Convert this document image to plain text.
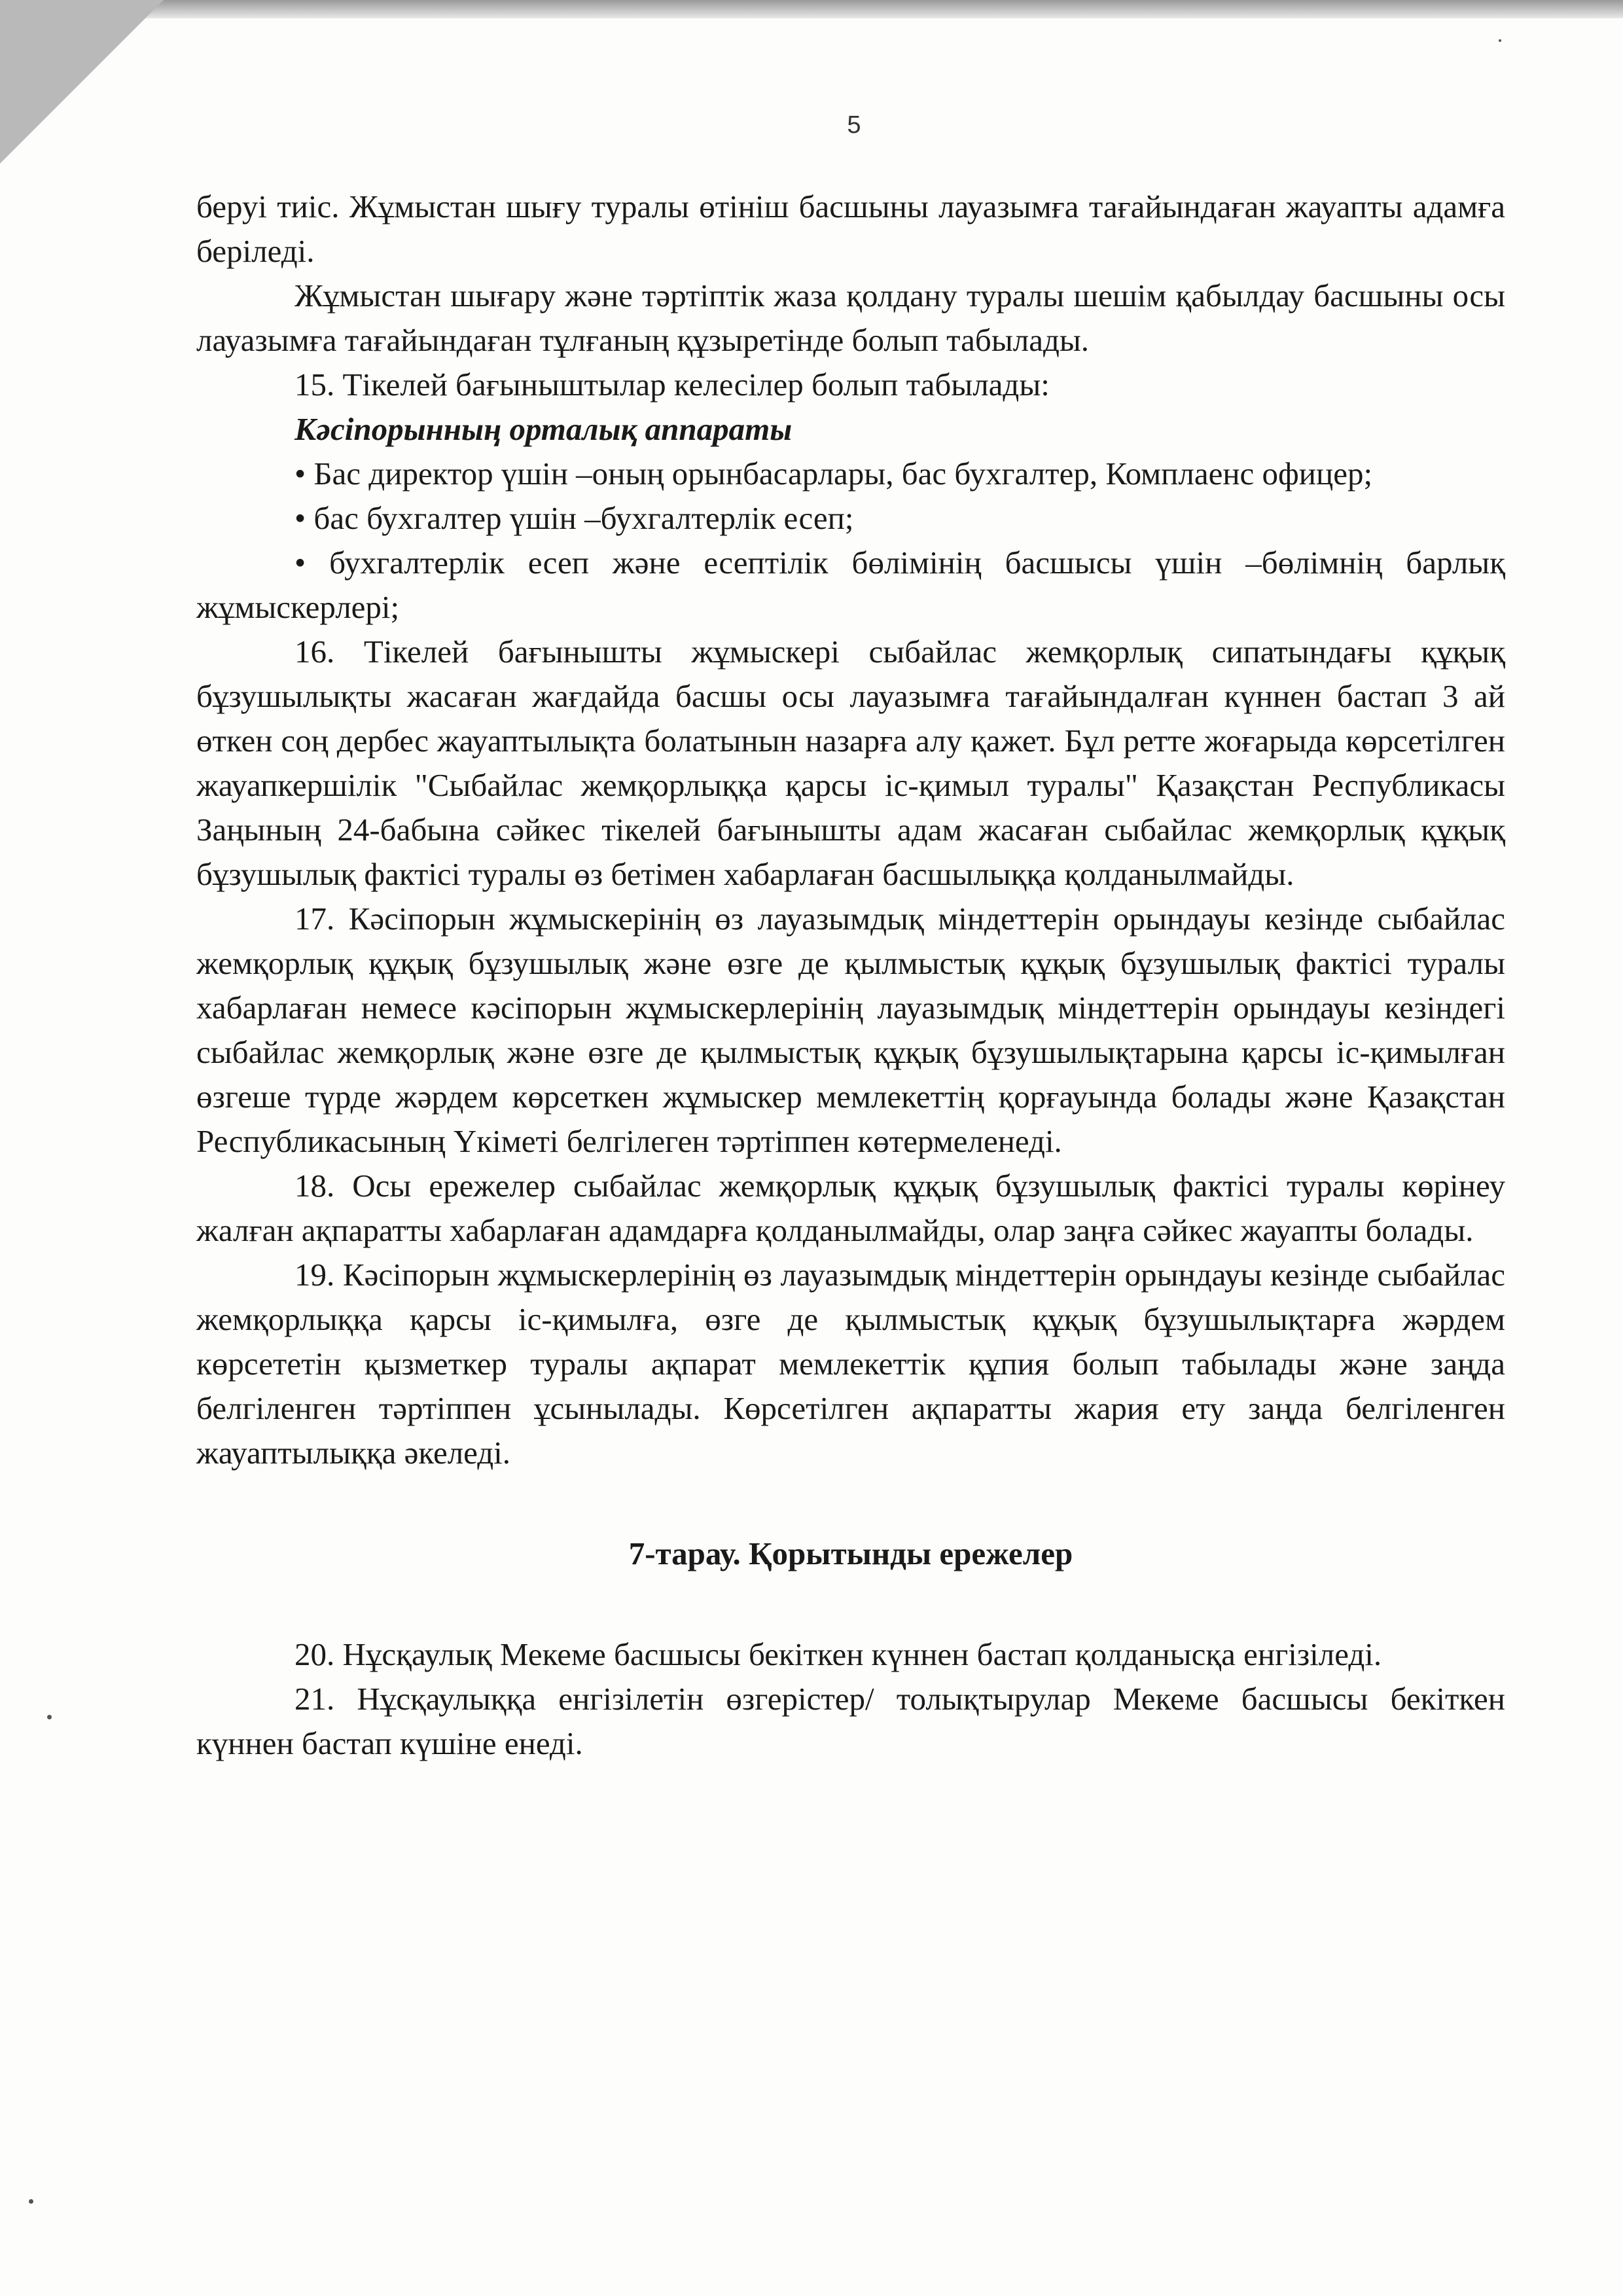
5

беруі тиіс. Жұмыстан шығу туралы өтініш басшыны лауазымға тағайындаған жауапты адамға беріледі.

Жұмыстан шығару және тәртіптік жаза қолдану туралы шешім қабылдау басшыны осы лауазымға тағайындаған тұлғаның құзыретінде болып табылады.

15. Тікелей бағыныштылар келесілер болып табылады:

Кәсіпорынның орталық аппараты

• Бас директор үшін –оның орынбасарлары, бас бухгалтер, Комплаенс офицер;

• бас бухгалтер үшін –бухгалтерлік есеп;

• бухгалтерлік есеп және есептілік бөлімінің басшысы үшін –бөлімнің барлық жұмыскерлері;

16. Тікелей бағынышты жұмыскері сыбайлас жемқорлық сипатындағы құқық бұзушылықты жасаған жағдайда басшы осы лауазымға тағайындалған күннен бастап 3 ай өткен соң дербес жауаптылықта болатынын назарға алу қажет. Бұл ретте жоғарыда көрсетілген жауапкершілік "Сыбайлас жемқорлыққа қарсы іс-қимыл туралы" Қазақстан Республикасы Заңының 24-бабына сәйкес тікелей бағынышты адам жасаған сыбайлас жемқорлық құқық бұзушылық фактісі туралы өз бетімен хабарлаған басшылыққа қолданылмайды.

17. Кәсіпорын жұмыскерінің өз лауазымдық міндеттерін орындауы кезінде сыбайлас жемқорлық құқық бұзушылық және өзге де қылмыстық құқық бұзушылық фактісі туралы хабарлаған немесе кәсіпорын жұмыскерлерінің лауазымдық міндеттерін орындауы кезіндегі сыбайлас жемқорлық және өзге де қылмыстық құқық бұзушылықтарына қарсы іс-қимылған өзгеше түрде жәрдем көрсеткен жұмыскер мемлекеттің қорғауында болады және Қазақстан Республикасының Үкіметі белгілеген тәртіппен көтермеленеді.

18. Осы ережелер сыбайлас жемқорлық құқық бұзушылық фактісі туралы көрінеу жалған ақпаратты хабарлаған адамдарға қолданылмайды, олар заңға сәйкес жауапты болады.

19. Кәсіпорын жұмыскерлерінің өз лауазымдық міндеттерін орындауы кезінде сыбайлас жемқорлыққа қарсы іс-қимылға, өзге де қылмыстық құқық бұзушылықтарға жәрдем көрсететін қызметкер туралы ақпарат мемлекеттік құпия болып табылады және заңда белгіленген тәртіппен ұсынылады. Көрсетілген ақпаратты жария ету заңда белгіленген жауаптылыққа әкеледі.

7-тарау. Қорытынды ережелер

20. Нұсқаулық Мекеме басшысы бекіткен күннен бастап қолданысқа енгізіледі.

21. Нұсқаулыққа енгізілетін өзгерістер/ толықтырулар Мекеме басшысы бекіткен күннен бастап күшіне енеді.
